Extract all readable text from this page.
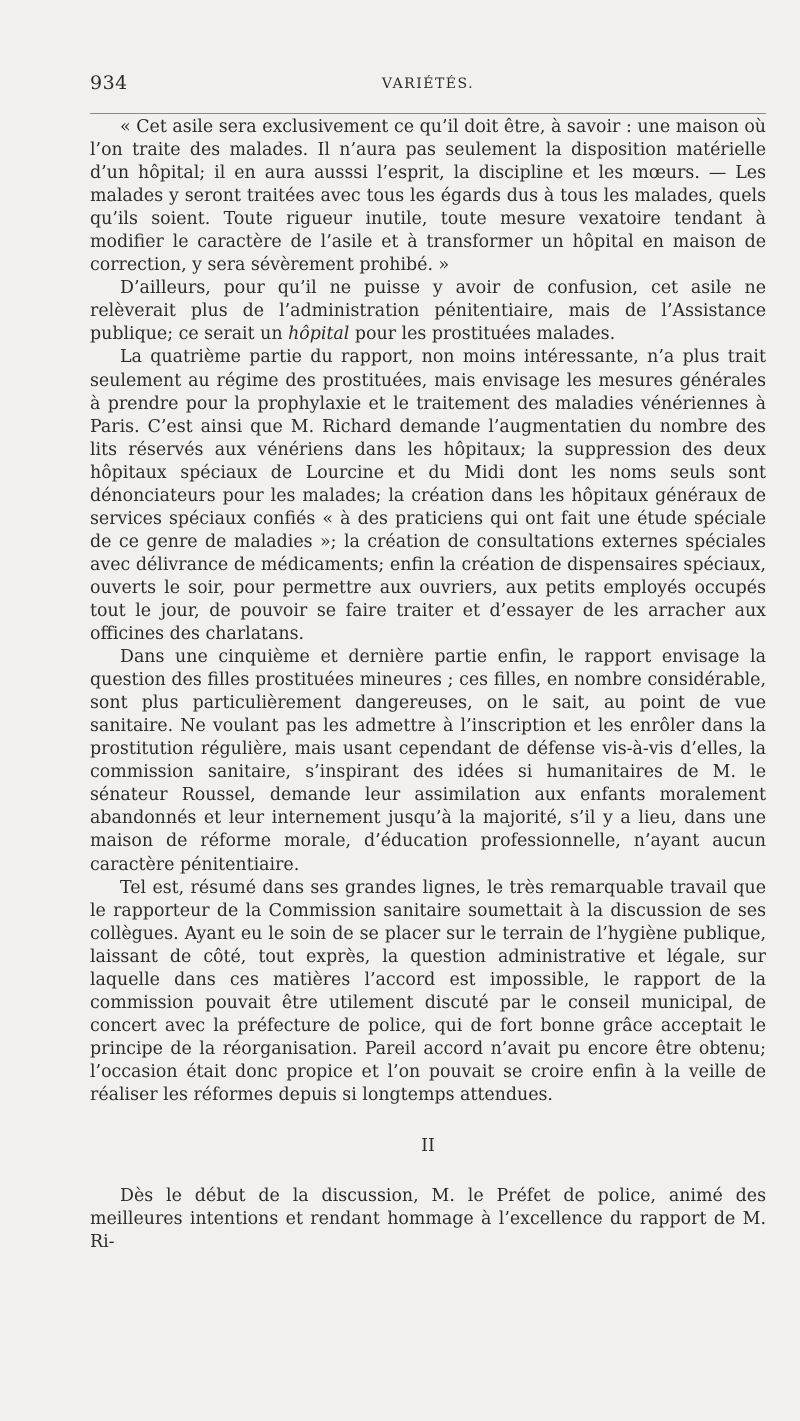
934	VARIÉTÉS.

« Cet asile sera exclusivement ce qu’il doit être, à savoir : une maison où l’on traite des malades. Il n’aura pas seulement la disposition matérielle d’un hôpital; il en aura ausssi l’esprit, la discipline et les mœurs. — Les malades y seront traitées avec tous les égards dus à tous les malades, quels qu’ils soient. Toute rigueur inutile, toute mesure vexatoire tendant à modifier le caractère de l’asile et à transformer un hôpital en maison de correction, y sera sévèrement prohibé. »

D’ailleurs, pour qu’il ne puisse y avoir de confusion, cet asile ne relèverait plus de l’administration pénitentiaire, mais de l’Assistance publique; ce serait un hôpital pour les prostituées malades.

La quatrième partie du rapport, non moins intéressante, n’a plus trait seulement au régime des prostituées, mais envisage les mesures générales à prendre pour la prophylaxie et le traitement des maladies vénériennes à Paris. C’est ainsi que M. Richard demande l’augmentatien du nombre des lits réservés aux vénériens dans les hôpitaux; la suppression des deux hôpitaux spéciaux de Lourcine et du Midi dont les noms seuls sont dénonciateurs pour les malades; la création dans les hôpitaux généraux de services spéciaux confiés « à des praticiens qui ont fait une étude spéciale de ce genre de maladies »; la création de consultations externes spéciales avec délivrance de médicaments; enfin la création de dispensaires spéciaux, ouverts le soir, pour permettre aux ouvriers, aux petits employés occupés tout le jour, de pouvoir se faire traiter et d’essayer de les arracher aux officines des charlatans.

Dans une cinquième et dernière partie enfin, le rapport envisage la question des filles prostituées mineures ; ces filles, en nombre considérable, sont plus particulièrement dangereuses, on le sait, au point de vue sanitaire. Ne voulant pas les admettre à l’inscription et les enrôler dans la prostitution régulière, mais usant cependant de défense vis-à-vis d’elles, la commission sanitaire, s’inspirant des idées si humanitaires de M. le sénateur Roussel, demande leur assimilation aux enfants moralement abandonnés et leur internement jusqu’à la majorité, s’il y a lieu, dans une maison de réforme morale, d’éducation professionnelle, n’ayant aucun caractère pénitentiaire.

Tel est, résumé dans ses grandes lignes, le très remarquable travail que le rapporteur de la Commission sanitaire soumettait à la discussion de ses collègues. Ayant eu le soin de se placer sur le terrain de l’hygiène publique, laissant de côté, tout exprès, la question administrative et légale, sur laquelle dans ces matières l’accord est impossible, le rapport de la commission pouvait être utilement discuté par le conseil municipal, de concert avec la préfecture de police, qui de fort bonne grâce acceptait le principe de la réorganisation. Pareil accord n’avait pu encore être obtenu; l’occasion était donc propice et l’on pouvait se croire enfin à la veille de réaliser les réformes depuis si longtemps attendues.

II

Dès le début de la discussion, M. le Préfet de police, animé des meilleures intentions et rendant hommage à l’excellence du rapport de M. Ri-
